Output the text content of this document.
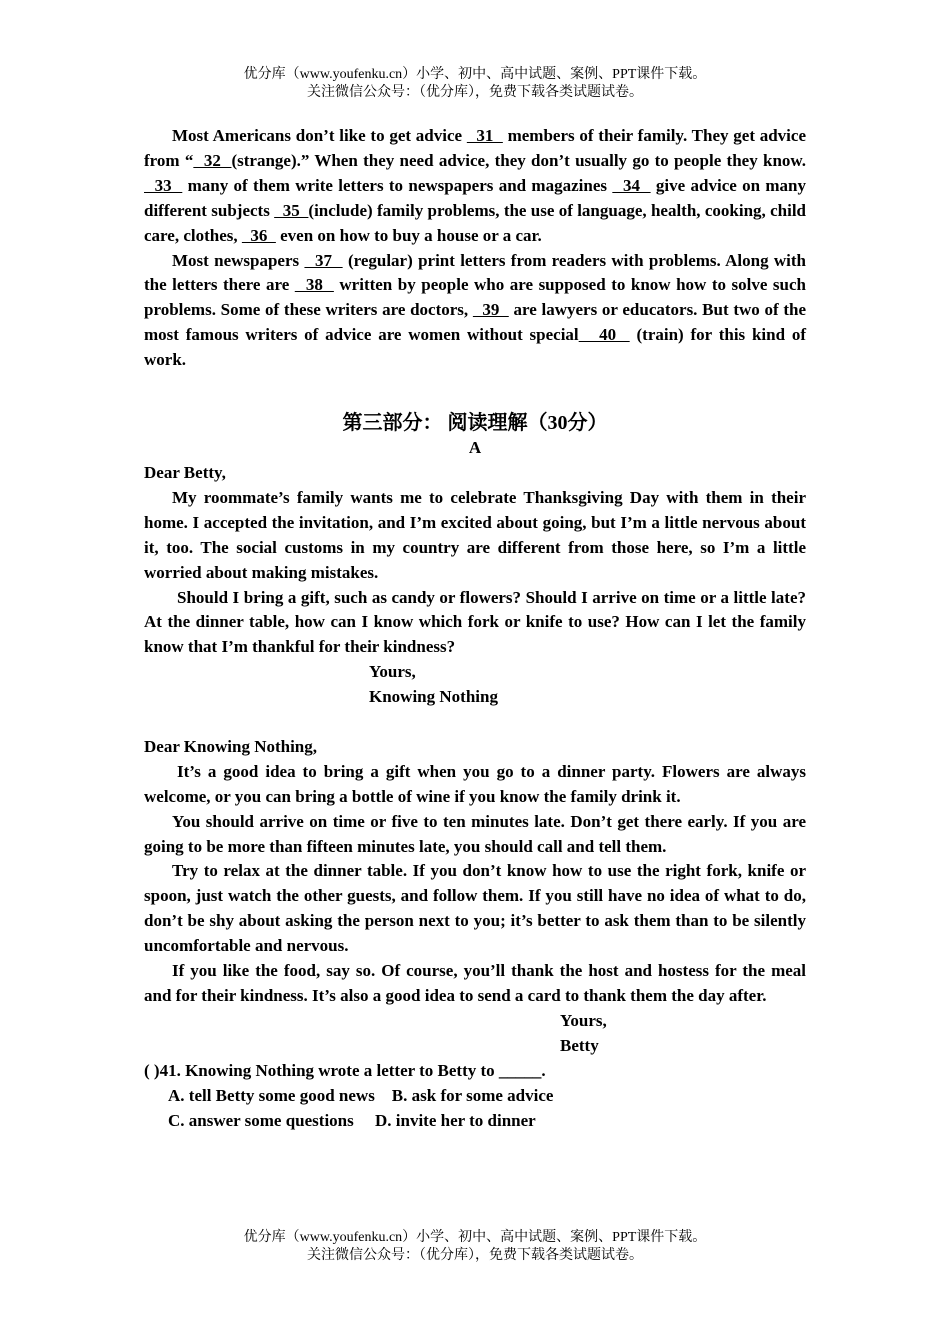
优分库（www.youfenku.cn）小学、初中、高中试题、案例、PPT课件下载。
关注微信公众号：（优分库），免费下载各类试题试卷。

Most Americans don’t like to get advice   31   members of their family. They get advice from “  32  (strange).” When they need advice, they don’t usually go to people they know.   33   many of them write letters to newspapers and magazines   34   give advice on many different subjects   35  (include) family problems, the use of language, health, cooking, child care, clothes,   36   even on how to buy a house or a car.

Most newspapers   37   (regular) print letters from readers with problems. Along with the letters there are   38   written by people who are supposed to know how to solve such problems. Some of these writers are doctors,   39   are lawyers or educators. But two of the most famous writers of advice are women without special   40   (train) for this kind of work.

第三部分： 阅读理解（30分）

A

Dear Betty,

My roommate’s family wants me to celebrate Thanksgiving Day with them in their home. I accepted the invitation, and I’m excited about going, but I’m a little nervous about it, too. The social customs in my country are different from those here, so I’m a little worried about making mistakes.

Should I bring a gift, such as candy or flowers? Should I arrive on time or a little late? At the dinner table, how can I know which fork or knife to use? How can I let the family know that I’m thankful for their kindness?

Yours,

Knowing Nothing

Dear Knowing Nothing,

It’s a good idea to bring a gift when you go to a dinner party. Flowers are always welcome, or you can bring a bottle of wine if you know the family drink it.

You should arrive on time or five to ten minutes late. Don’t get there early. If you are going to be more than fifteen minutes late, you should call and tell them.

Try to relax at the dinner table. If you don’t know how to use the right fork, knife or spoon, just watch the other guests, and follow them. If you still have no idea of what to do, don’t be shy about asking the person next to you; it’s better to ask them than to be silently uncomfortable and nervous.

If you like the food, say so. Of course, you’ll thank the host and hostess for the meal and for their kindness. It’s also a good idea to send a card to thank them the day after.

Yours,

Betty

( )41. Knowing Nothing wrote a letter to Betty to _____.

A. tell Betty some good news    B. ask for some advice

C. answer some questions     D. invite her to dinner

优分库（www.youfenku.cn）小学、初中、高中试题、案例、PPT课件下载。
关注微信公众号：（优分库），免费下载各类试题试卷。
